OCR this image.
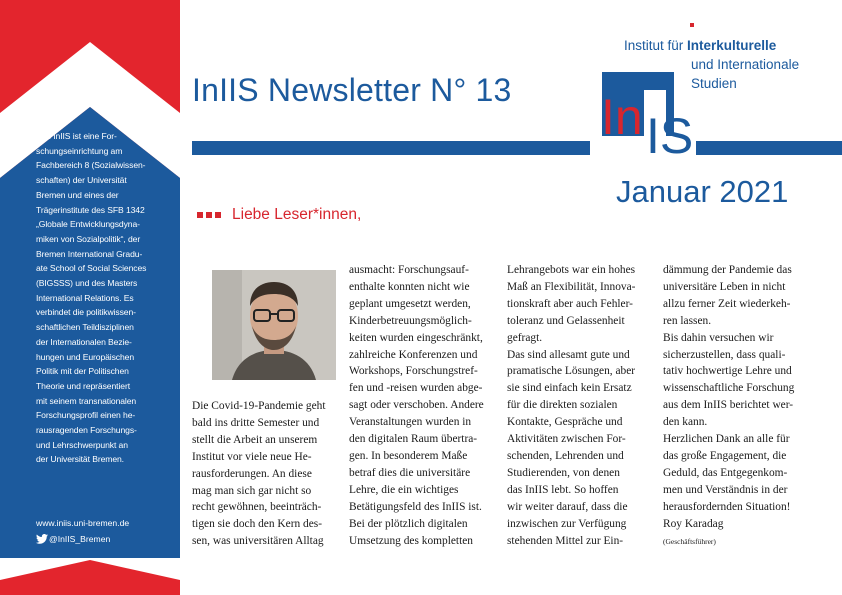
Das InIIS ist eine For-

schungseinrichtung am

Fachbereich 8 (Sozialwissen-

schaften) der Universität

Bremen und eines der

Trägerinstitute des SFB 1342

„Globale Entwicklungsdyna-

miken von Sozialpolitik“, der

Bremen International Gradu-

ate School of Social Sciences

(BIGSSS) und des Masters

International Relations. Es

verbindet die politikwissen-

schaftlichen Teildisziplinen

der Internationalen Bezie-

hungen und Europäischen

Politik mit der Politischen

Theorie und repräsentiert

mit seinem transnationalen

Forschungsprofil einen he-

rausragenden Forschungs-

und Lehrschwerpunkt an

der Universität Bremen.

www.iniis.uni-bremen.de
@InIIS_Bremen
InIIS Newsletter N° 13
Institut für Interkulturelle
und Internationale
Studien
In IS
Januar 2021
Liebe Leser*innen,

Die Covid-19-Pandemie geht

bald ins dritte Semester und

stellt die Arbeit an unserem

Institut vor viele neue He-

rausforderungen. An diese

mag man sich gar nicht so

recht gewöhnen, beeinträch-

tigen sie doch den Kern des-

sen, was universitären Alltag

ausmacht: Forschungsauf-

enthalte konnten nicht wie

geplant umgesetzt werden,

Kinderbetreuungsmöglich-

keiten wurden eingeschränkt,

zahlreiche Konferenzen und

Workshops, Forschungstref-

fen und -reisen wurden abge-

sagt oder verschoben. Andere

Veranstaltungen wurden in

den digitalen Raum übertra-

gen. In besonderem Maße

betraf dies die universitäre

Lehre, die ein wichtiges

Betätigungsfeld des InIIS ist.

Bei der plötzlich digitalen

Umsetzung des kompletten

Lehrangebots war ein hohes

Maß an Flexibilität, Innova-

tionskraft aber auch Fehler-

toleranz und Gelassenheit

gefragt.

Das sind allesamt gute und

pramatische Lösungen, aber

sie sind einfach kein Ersatz

für die direkten sozialen

Kontakte, Gespräche und

Aktivitäten zwischen For-

schenden, Lehrenden und

Studierenden, von denen

das InIIS lebt. So hoffen

wir weiter darauf, dass die

inzwischen zur Verfügung

stehenden Mittel zur Ein-

dämmung der Pandemie das

universitäre Leben in nicht

allzu ferner Zeit wiederkeh-

ren lassen.

Bis dahin versuchen wir

sicherzustellen, dass quali-

tativ hochwertige Lehre und

wissenschaftliche Forschung

aus dem InIIS berichtet wer-

den kann.

Herzlichen Dank an alle für

das große Engagement, die

Geduld, das Entgegenkom-

men und Verständnis in der

herausfordernden Situation!

Roy Karadag

(Geschäftsführer)
